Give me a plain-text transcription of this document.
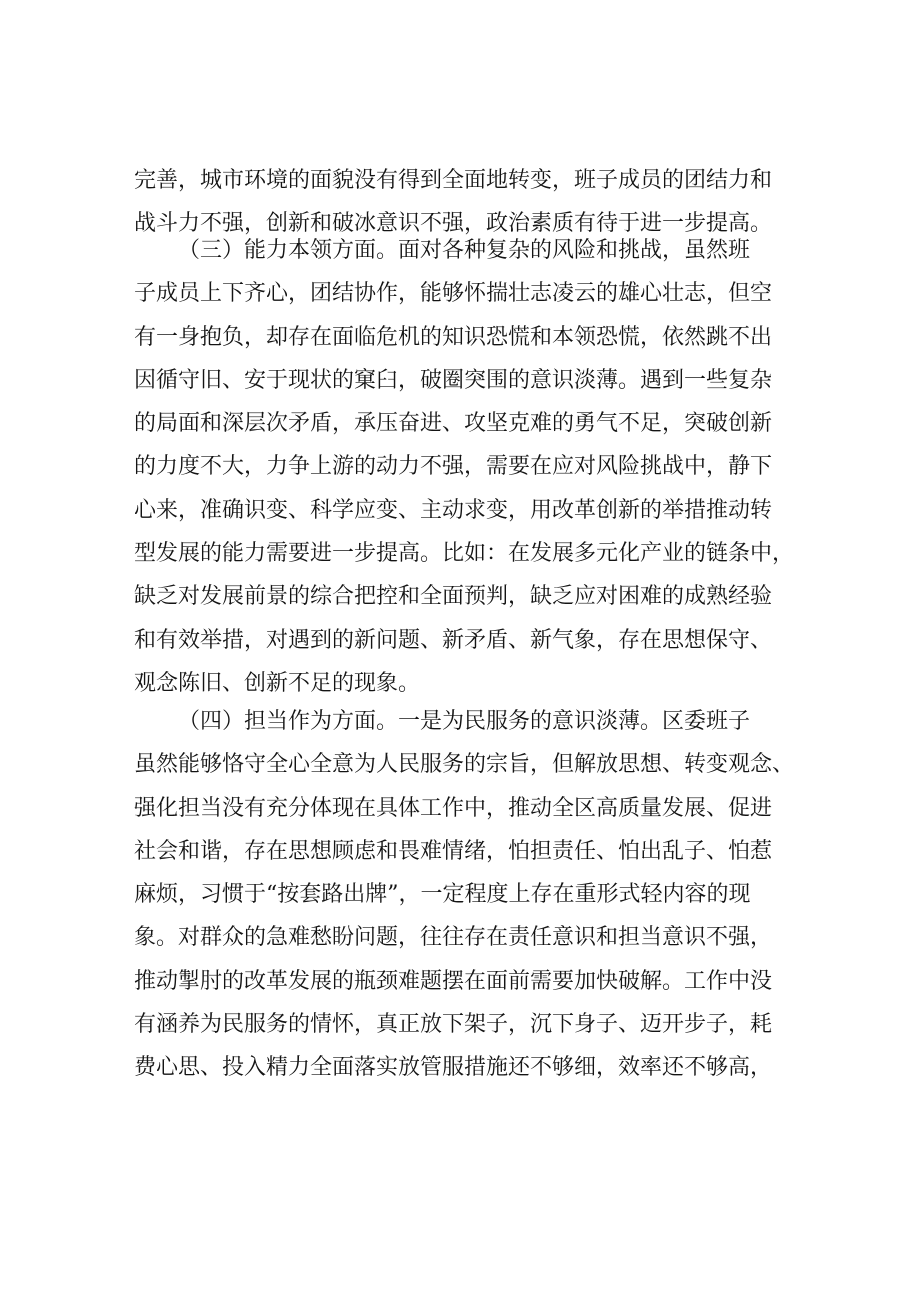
完善，城市环境的面貌没有得到全面地转变，班子成员的团结力和
战斗力不强，创新和破冰意识不强，政治素质有待于进一步提高。
（三）能力本领方面。面对各种复杂的风险和挑战，虽然班
子成员上下齐心，团结协作，能够怀揣壮志凌云的雄心壮志，但空
有一身抱负，却存在面临危机的知识恐慌和本领恐慌，依然跳不出
因循守旧、安于现状的窠臼，破圈突围的意识淡薄。遇到一些复杂
的局面和深层次矛盾，承压奋进、攻坚克难的勇气不足，突破创新
的力度不大，力争上游的动力不强，需要在应对风险挑战中，静下
心来，准确识变、科学应变、主动求变，用改革创新的举措推动转
型发展的能力需要进一步提高。比如：在发展多元化产业的链条中，
缺乏对发展前景的综合把控和全面预判，缺乏应对困难的成熟经验
和有效举措，对遇到的新问题、新矛盾、新气象，存在思想保守、
观念陈旧、创新不足的现象。
（四）担当作为方面。一是为民服务的意识淡薄。区委班子
虽然能够恪守全心全意为人民服务的宗旨，但解放思想、转变观念、
强化担当没有充分体现在具体工作中，推动全区高质量发展、促进
社会和谐，存在思想顾虑和畏难情绪，怕担责任、怕出乱子、怕惹
麻烦，习惯于“按套路出牌”，一定程度上存在重形式轻内容的现
象。对群众的急难愁盼问题，往往存在责任意识和担当意识不强，
推动掣肘的改革发展的瓶颈难题摆在面前需要加快破解。工作中没
有涵养为民服务的情怀，真正放下架子，沉下身子、迈开步子，耗
费心思、投入精力全面落实放管服措施还不够细，效率还不够高，
